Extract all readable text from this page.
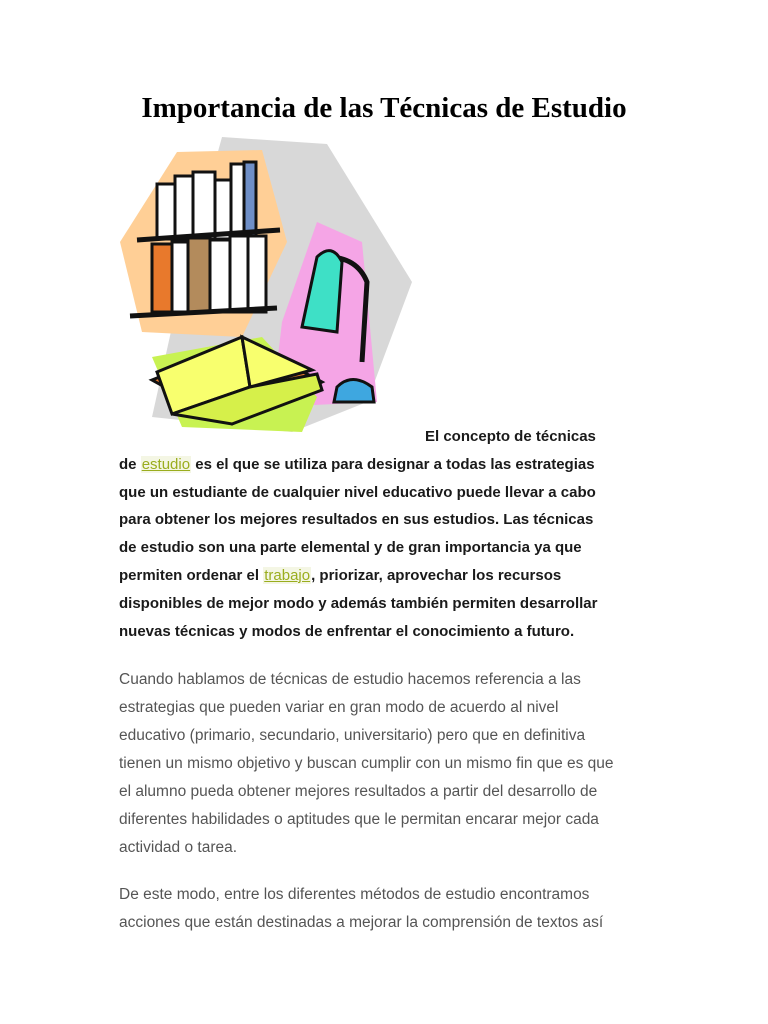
Importancia de las Técnicas de Estudio

El concepto de técnicas
de estudio es el que se utiliza para designar a todas las estrategias
que un estudiante de cualquier nivel educativo puede llevar a cabo
para obtener los mejores resultados en sus estudios. Las técnicas
de estudio son una parte elemental y de gran importancia ya que
permiten ordenar el trabajo, priorizar, aprovechar los recursos
disponibles de mejor modo y además también permiten desarrollar
nuevas técnicas y modos de enfrentar el conocimiento a futuro.

Cuando hablamos de técnicas de estudio hacemos referencia a las
estrategias que pueden variar en gran modo de acuerdo al nivel
educativo (primario, secundario, universitario) pero que en definitiva
tienen un mismo objetivo y buscan cumplir con un mismo fin que es que
el alumno pueda obtener mejores resultados a partir del desarrollo de
diferentes habilidades o aptitudes que le permitan encarar mejor cada
actividad o tarea.

De este modo, entre los diferentes métodos de estudio encontramos
acciones que están destinadas a mejorar la comprensión de textos así
